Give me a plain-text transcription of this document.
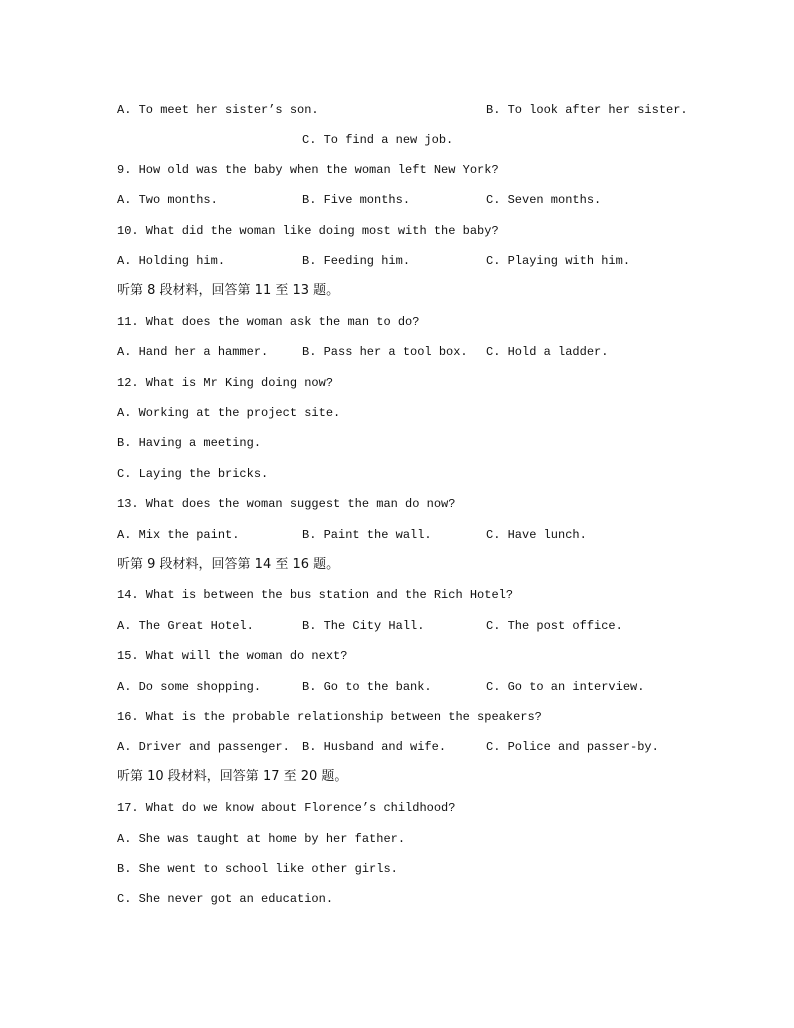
A. To meet her sister’s son.	B. To look after her sister.
C. To find a new job.
9. How old was the baby when the woman left New York?
A. Two months.	B. Five months.	C. Seven months.
10. What did the woman like doing most with the baby?
A. Holding him.	B. Feeding him.	C. Playing with him.
听第 8 段材料，回答第 11 至 13 题。
11. What does the woman ask the man to do?
A. Hand her a hammer.	B. Pass her a tool box. C. Hold a ladder.
12. What is Mr King doing now?
A. Working at the project site.
B. Having a meeting.
C. Laying the bricks.
13. What does the woman suggest the man do now?
A. Mix the paint.	B. Paint the wall.	C. Have lunch.
听第 9 段材料，回答第 14 至 16 题。
14. What is between the bus station and the Rich Hotel?
A. The Great Hotel.	B. The City Hall.	C. The post office.
15. What will the woman do next?
A. Do some shopping.	B. Go to the bank.	C. Go to an interview.
16. What is the probable relationship between the speakers?
A. Driver and passenger. B. Husband and wife.	C. Police and passer-by.
听第 10 段材料，回答第 17 至 20 题。
17. What do we know about Florence’s childhood?
A. She was taught at home by her father.
B. She went to school like other girls.
C. She never got an education.
